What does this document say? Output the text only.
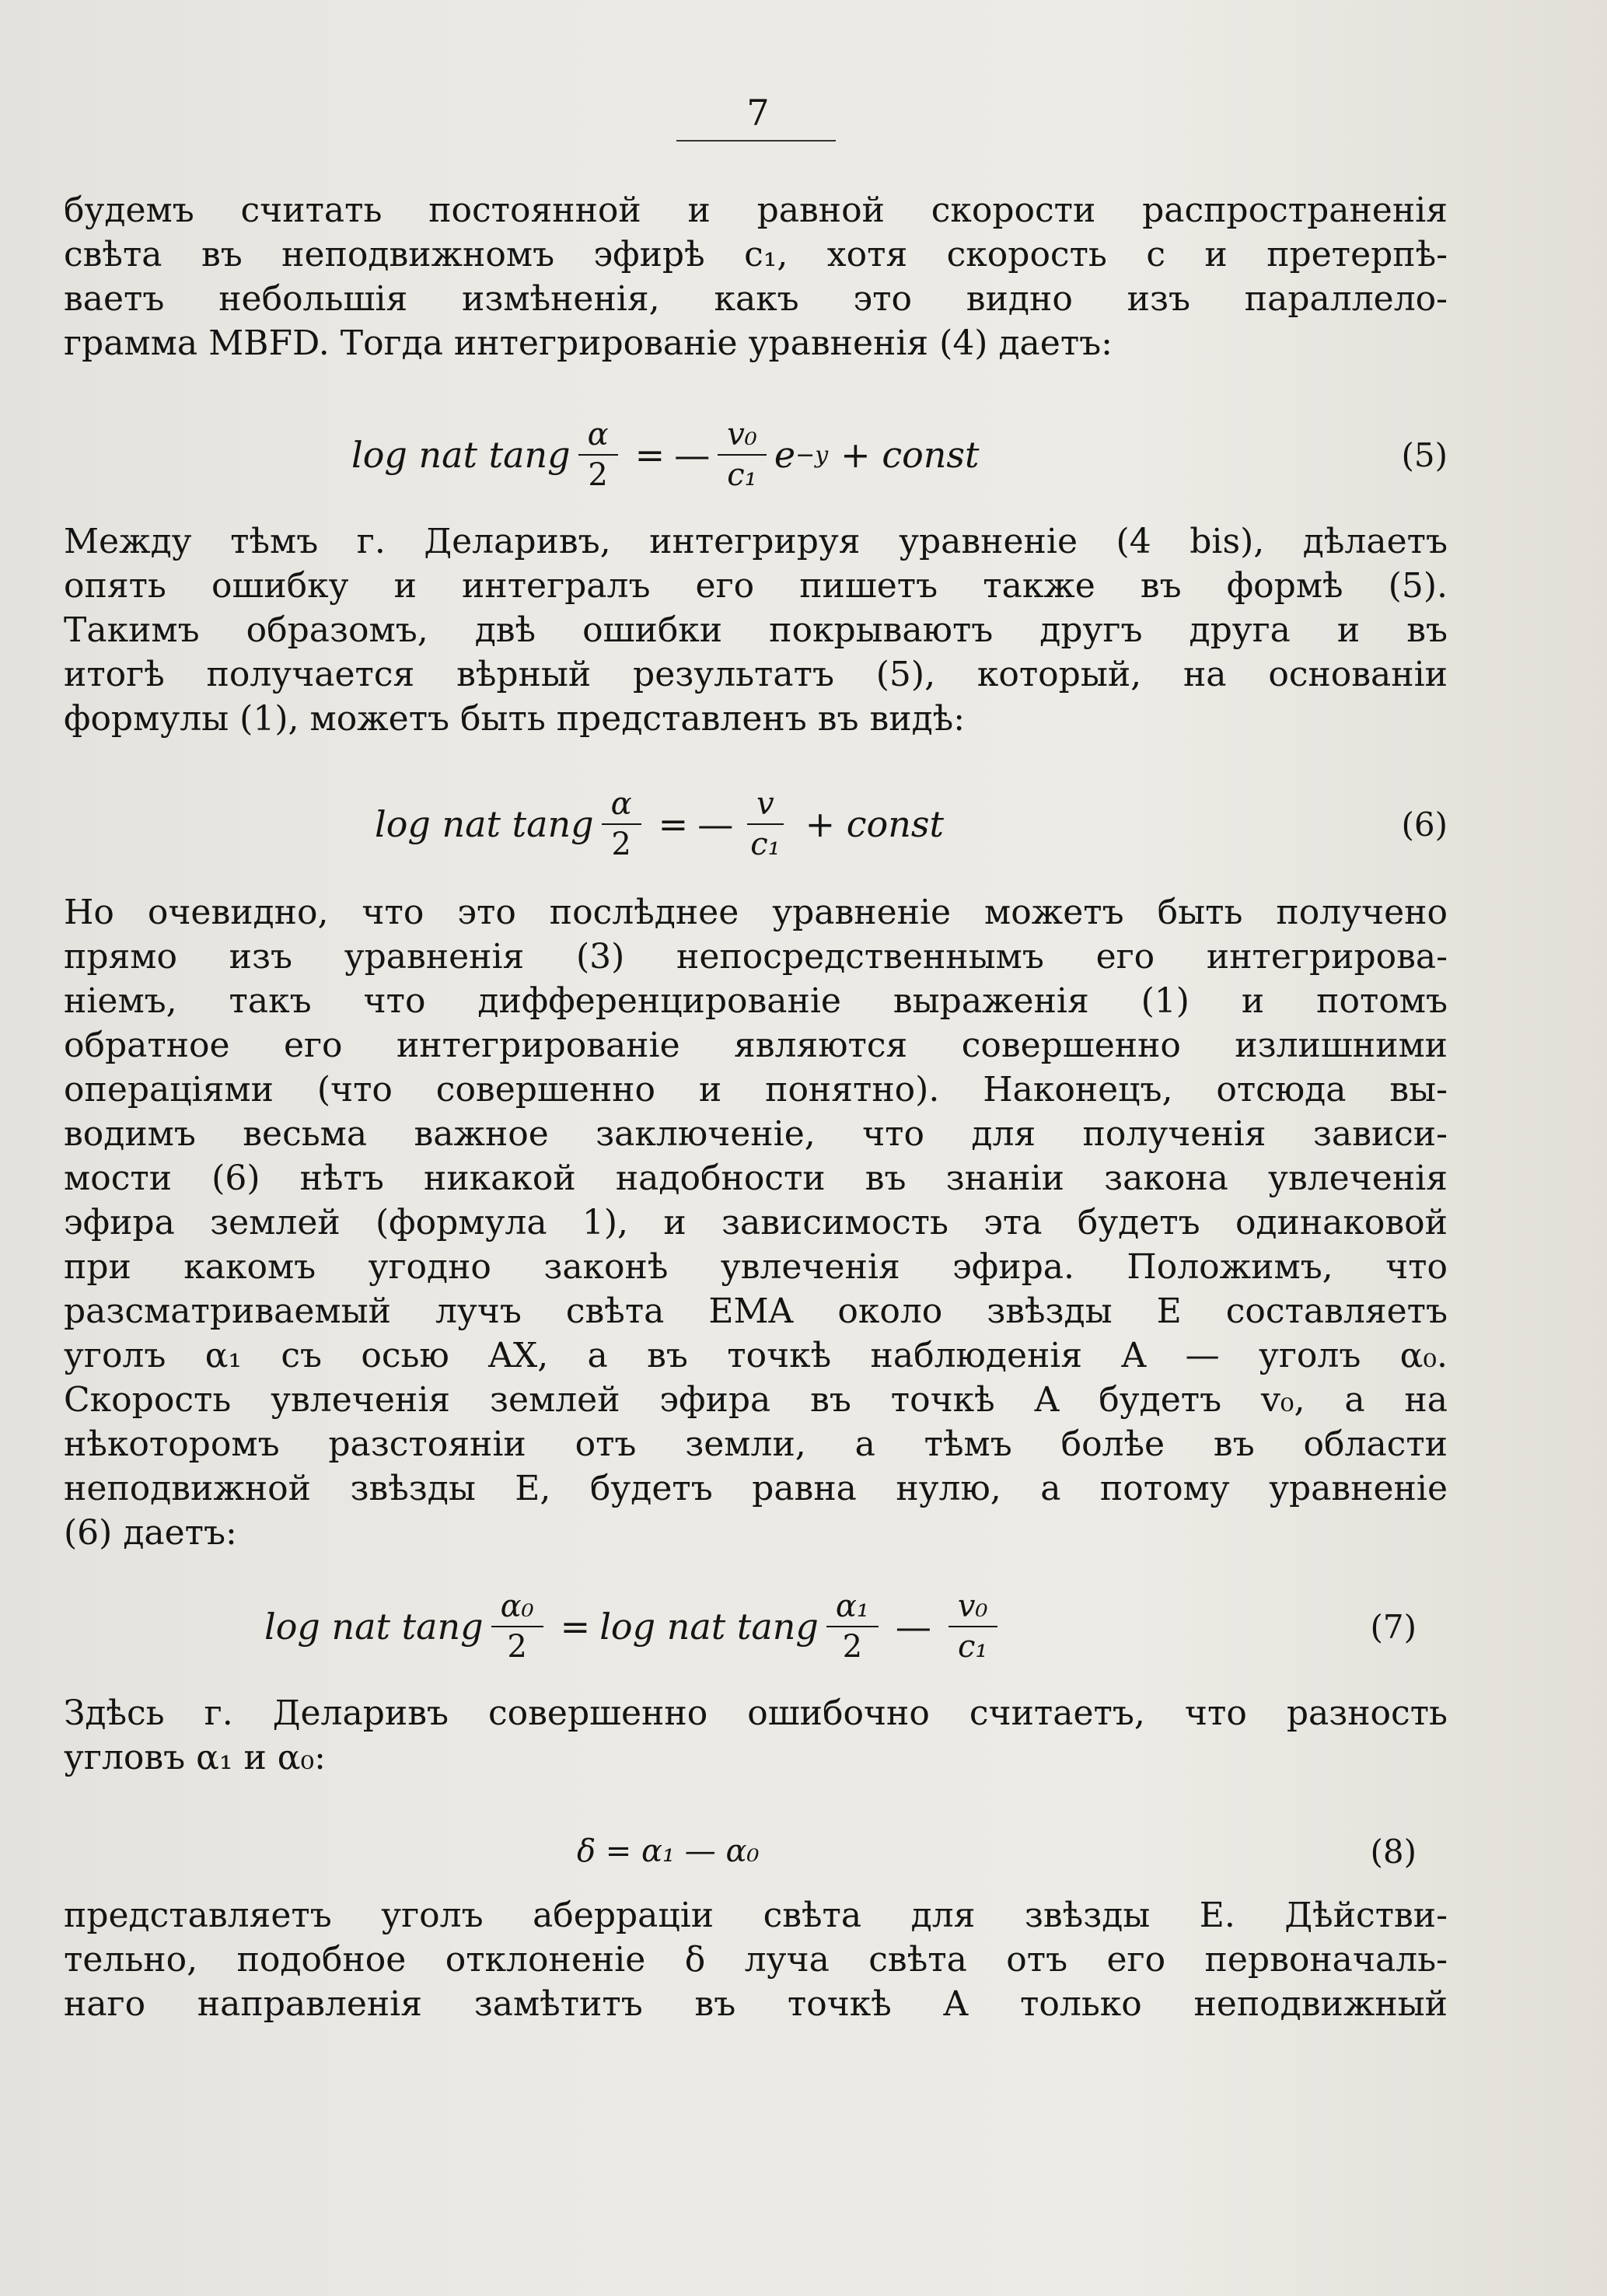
7
будемъ считать постоянной и равной скорости распространенія
свѣта въ неподвижномъ эфирѣ c₁, хотя скорость c и претерпѣ-
ваетъ небольшія измѣненія, какъ это видно изъ параллело-
грамма MBFD. Тогда интегрированіе уравненія (4) даетъ:
log nat tang $\frac{\alpha}{2}$ = — $\frac{\text{v₀}}{\text{c₁}}$ e −y + const	(5)
Между тѣмъ г. Деларивъ, интегрируя уравненіе (4 bis), дѣлаетъ
опять ошибку и интегралъ его пишетъ также въ формѣ (5).
Такимъ образомъ, двѣ ошибки покрываютъ другъ друга и въ
итогѣ получается вѣрный результатъ (5), который, на основаніи
формулы (1), можетъ быть представленъ въ видѣ:
log nat tang $\frac{\alpha}{2}$ = — $\frac{v}{\text{c₁}}$ + const	(6)
Но очевидно, что это послѣднее уравненіе можетъ быть получено
прямо изъ уравненія (3) непосредственнымъ его интегрирова-
ніемъ, такъ что дифференцированіе выраженія (1) и потомъ
обратное его интегрированіе являются совершенно излишними
операціями (что совершенно и понятно). Наконецъ, отсюда вы-
водимъ весьма важное заключеніе, что для полученія зависи-
мости (6) нѣтъ никакой надобности въ знаніи закона увлеченія
эфира землей (формула 1), и зависимость эта будетъ одинаковой
при какомъ угодно законѣ увлеченія эфира. Положимъ, что
разсматриваемый лучъ свѣта EMA около звѣзды E составляетъ
уголъ α₁ съ осью AX, а въ точкѣ наблюденія A — уголъ α₀.
Скорость увлеченія землей эфира въ точкѣ A будетъ v₀, а на
нѣкоторомъ разстояніи отъ земли, а тѣмъ болѣе въ области
неподвижной звѣзды E, будетъ равна нулю, а потому уравненіе
(6) даетъ:
log nat tang $\frac{\text{α₀}}{2} = \log$ nat tang $\frac{\text{α₁}}{2}$ — $\frac{\text{v₀}}{\text{c₁}}$	(7)
Здѣсь г. Деларивъ совершенно ошибочно считаетъ, что разность
угловъ α₁ и α₀:
δ = α₁ — α₀	(8)
представляетъ уголъ аберраціи свѣта для звѣзды E. Дѣйстви-
тельно, подобное отклоненіе δ луча свѣта отъ его первоначаль-
наго направленія замѣтитъ въ точкѣ A только неподвижный
